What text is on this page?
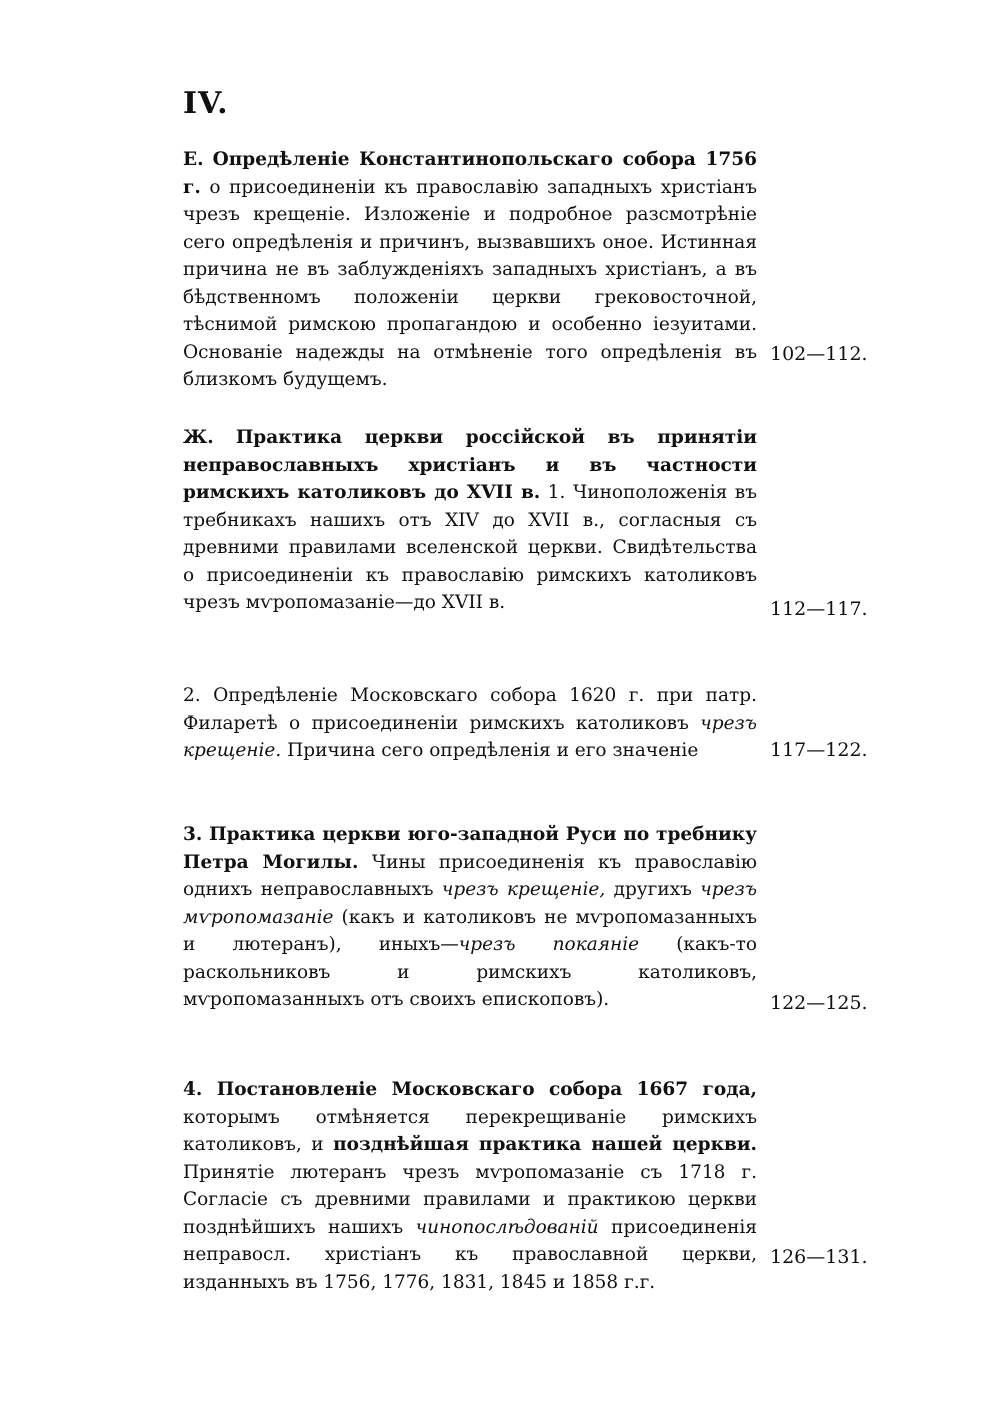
IV.
Е. Опредѣленіе Константинопольскаго собора 1756 г. о присоединеніи къ православію западныхъ христіанъ чрезъ крещеніе. Изложеніе и подробное разсмотрѣніе сего опредѣленія и причинъ, вызвавшихъ оное. Истинная причина не въ заблужденіяхъ западныхъ христіанъ, а въ бѣдственномъ положеніи церкви грековосточной, тѣснимой римскою пропагандою и особенно іезуитами. Основаніе надежды на отмѣненіе того опредѣленія въ близкомъ будущемъ.
102—112.
Ж. Практика церкви россійской въ принятіи неправославныхъ христіанъ и въ частности римскихъ католиковъ до XVII в. 1. Чиноположенія въ требникахъ нашихъ отъ XIV до XVII в., согласныя съ древними правилами вселенской церкви. Свидѣтельства о присоединеніи къ православію римскихъ католиковъ чрезъ мѵропомазаніе—до XVII в.	112—117.
2. Опредѣленіе Московскаго собора 1620 г. при патр. Филаретѣ о присоединеніи римскихъ католиковъ чрезъ крещеніе. Причина сего опредѣленія и его значеніе	117—122.
3. Практика церкви юго-западной Руси по требнику Петра Могилы. Чины присоединенія къ православію однихъ неправославныхъ чрезъ крещеніе, другихъ чрезъ мѵропомазаніе (какъ и католиковъ не мѵропомазанныхъ и лютеранъ), иныхъ—чрезъ покаяніе (какъ-то раскольниковъ и римскихъ католиковъ, мѵропомазанныхъ отъ своихъ епископовъ).	122—125.
4. Постановленіе Московскаго собора 1667 года, которымъ отмѣняется перекрещиваніе римскихъ католиковъ, и позднѣйшая практика нашей церкви. Принятіе лютеранъ чрезъ мѵропомазаніе съ 1718 г. Согласіе съ древними правилами и практикою церкви позднѣйшихъ нашихъ чинопослѣдованій присоединенія неправосл. христіанъ къ православной церкви, изданныхъ въ 1756, 1776, 1831, 1845 и 1858 г.г.
126—131.
